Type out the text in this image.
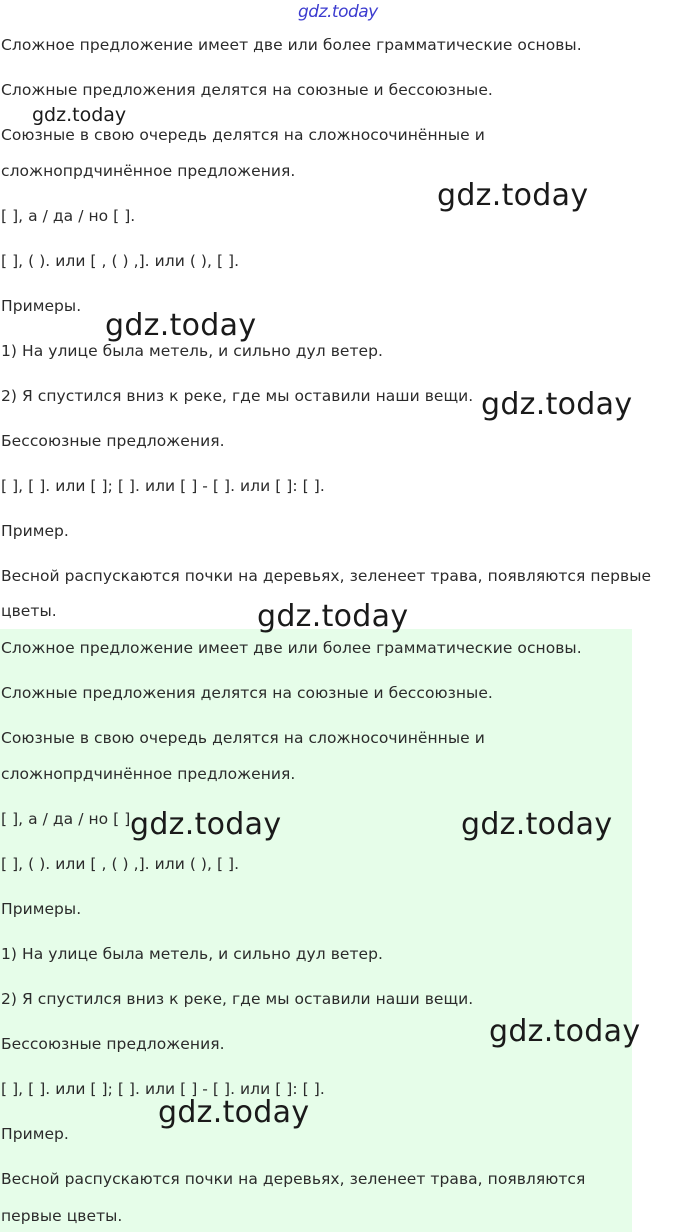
Сложное предложение имеет две или более грамматические основы.

Сложные предложения делятся на союзные и бессоюзные.

Союзные в свою очередь делятся на сложносочинённые и

сложнопрдчинённое предложения.

[ ], а / да / но [ ].

[ ], ( ). или [ , ( ) ,]. или ( ), [ ].

Примеры.

1) На улице была метель, и сильно дул ветер.

2) Я спустился вниз к реке, где мы оставили наши вещи.

Бессоюзные предложения.

[ ], [ ]. или [ ]; [ ]. или [ ] - [ ]. или [ ]: [ ].

Пример.

Весной распускаются почки на деревьях, зеленеет трава, появляются первые

цветы.

Сложное предложение имеет две или более грамматические основы.

Сложные предложения делятся на союзные и бессоюзные.

Союзные в свою очередь делятся на сложносочинённые и

сложнопрдчинённое предложения.

[ ], а / да / но [ ].

[ ], ( ). или [ , ( ) ,]. или ( ), [ ].

Примеры.

1) На улице была метель, и сильно дул ветер.

2) Я спустился вниз к реке, где мы оставили наши вещи.

Бессоюзные предложения.

[ ], [ ]. или [ ]; [ ]. или [ ] - [ ]. или [ ]: [ ].

Пример.

Весной распускаются почки на деревьях, зеленеет трава, появляются

первые цветы.

gdz.today
gdz.today
gdz.today
gdz.today
gdz.today
gdz.today
gdz.today	gdz.today
gdz.today
gdz.today
